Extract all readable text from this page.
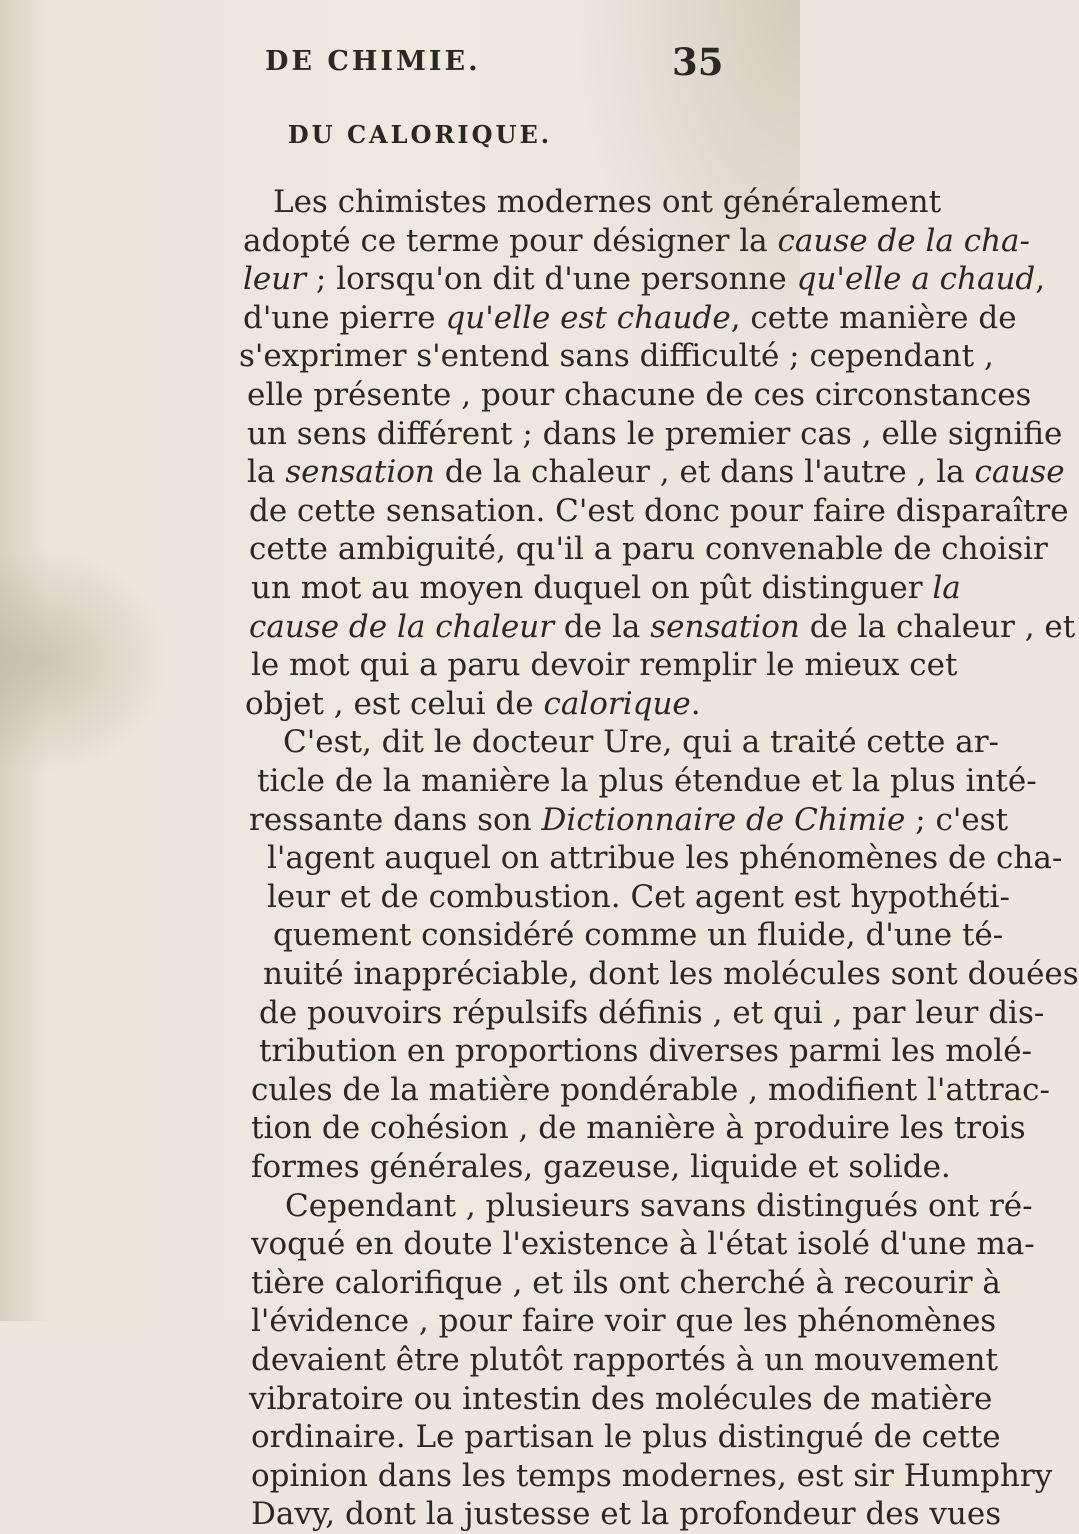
DE CHIMIE.	35
DU CALORIQUE.
Les chimistes modernes ont généralement
adopté ce terme pour désigner la cause de la cha-
leur ; lorsqu'on dit d'une personne qu'elle a chaud,
d'une pierre qu'elle est chaude, cette manière de
s'exprimer s'entend sans difficulté ; cependant ,
elle présente , pour chacune de ces circonstances
un sens différent ; dans le premier cas , elle signifie
la sensation de la chaleur , et dans l'autre , la cause
de cette sensation. C'est donc pour faire disparaître
cette ambiguité, qu'il a paru convenable de choisir
un mot au moyen duquel on pût distinguer la
cause de la chaleur de la sensation de la chaleur , et
le mot qui a paru devoir remplir le mieux cet
objet , est celui de calorique.
C'est, dit le docteur Ure, qui a traité cette ar-
ticle de la manière la plus étendue et la plus inté-
ressante dans son Dictionnaire de Chimie ; c'est
l'agent auquel on attribue les phénomènes de cha-
leur et de combustion. Cet agent est hypothéti-
quement considéré comme un fluide, d'une té-
nuité inappréciable, dont les molécules sont douées
de pouvoirs répulsifs définis , et qui , par leur dis-
tribution en proportions diverses parmi les molé-
cules de la matière pondérable , modifient l'attrac-
tion de cohésion , de manière à produire les trois
formes générales, gazeuse, liquide et solide.
Cependant , plusieurs savans distingués ont ré-
voqué en doute l'existence à l'état isolé d'une ma-
tière calorifique , et ils ont cherché à recourir à
l'évidence , pour faire voir que les phénomènes
devaient être plutôt rapportés à un mouvement
vibratoire ou intestin des molécules de matière
ordinaire. Le partisan le plus distingué de cette
opinion dans les temps modernes, est sir Humphry
Davy, dont la justesse et la profondeur des vues
